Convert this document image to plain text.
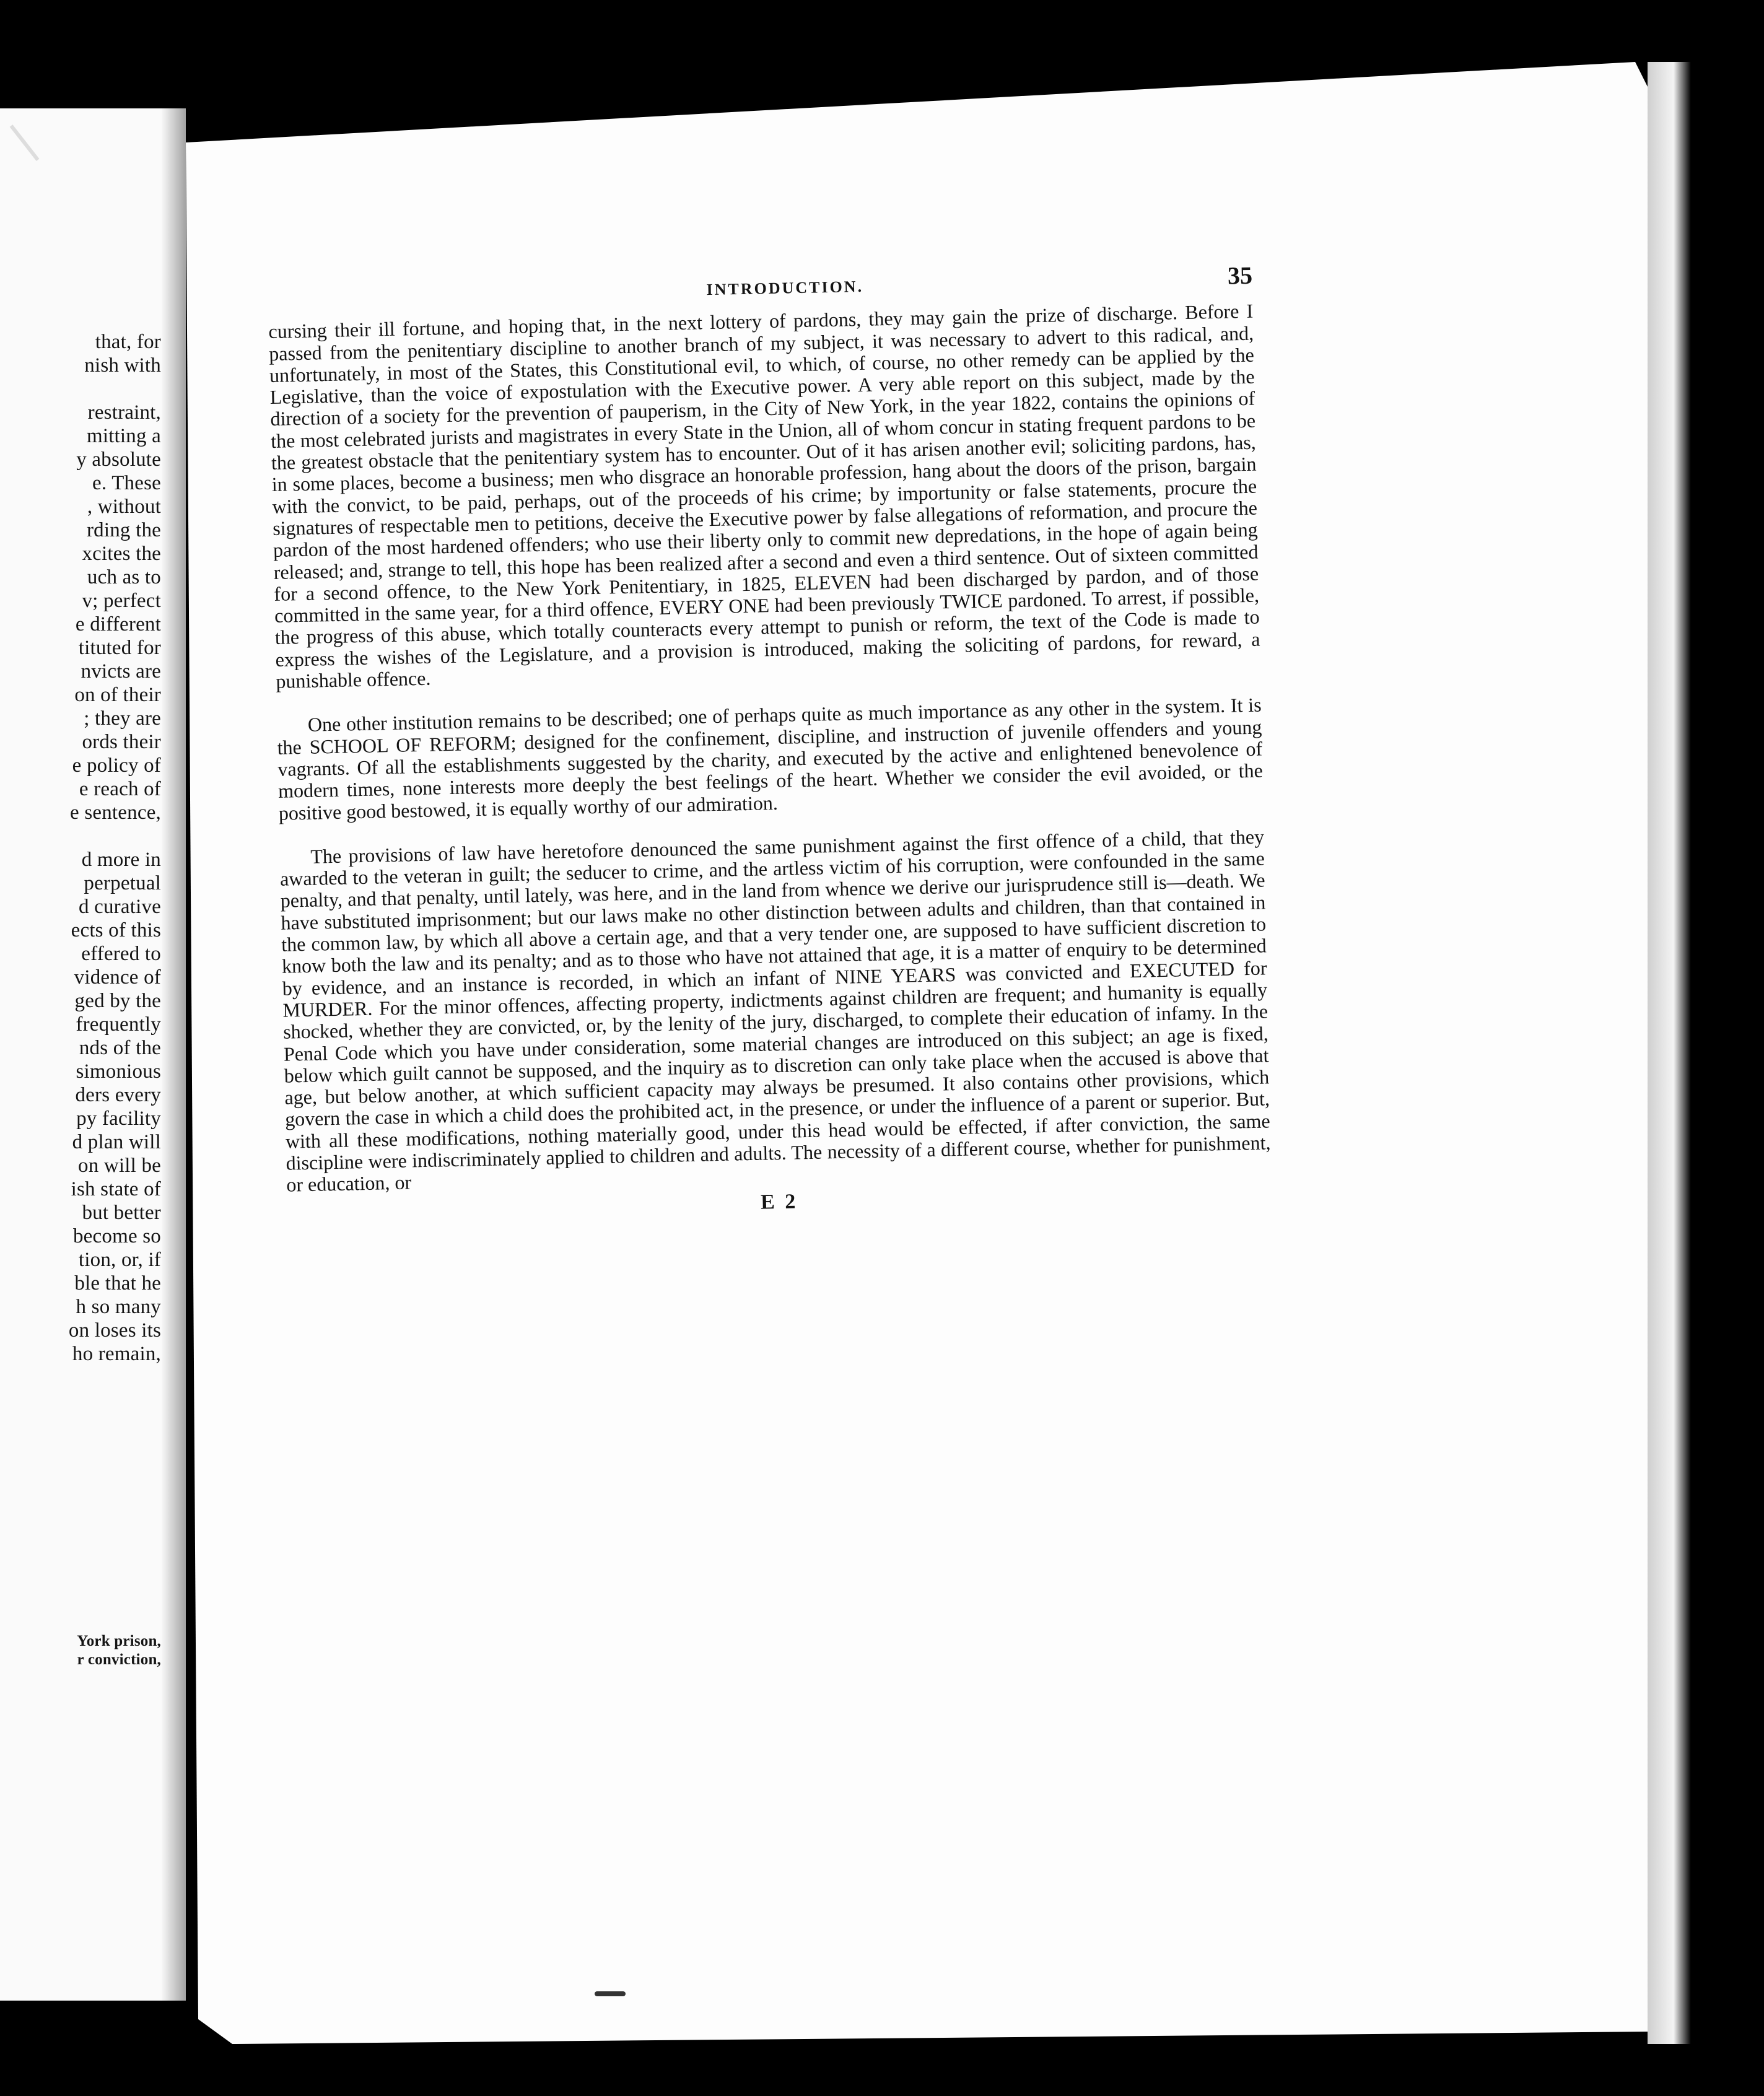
that, for
nish with
restraint,
mitting a
y absolute
e. These
, without
rding the
xcites the
uch as to
v; perfect
e different
tituted for
nvicts are
on of their
; they are
ords their
e policy of
e reach of
e sentence,
d more in
perpetual
d curative
ects of this
effered to
vidence of
ged by the
frequently
nds of the
simonious
ders every
py facility
d plan will
on will be
ish state of
but better
become so
tion, or, if
ble that he
h so many
on loses its
ho remain,
York prison,
r conviction,
INTRODUCTION.	35

cursing their ill fortune, and hoping that, in the next lottery of pardons, they may gain the prize of discharge. Before I passed from the penitentiary discipline to another branch of my subject, it was necessary to advert to this radical, and, unfortunately, in most of the States, this Constitutional evil, to which, of course, no other remedy can be applied by the Legislative, than the voice of expostulation with the Executive power. A very able report on this subject, made by the direction of a society for the prevention of pauperism, in the City of New York, in the year 1822, contains the opinions of the most celebrated jurists and magistrates in every State in the Union, all of whom concur in stating frequent pardons to be the greatest obstacle that the penitentiary system has to encounter. Out of it has arisen another evil; soliciting pardons, has, in some places, become a business; men who disgrace an honorable profession, hang about the doors of the prison, bargain with the convict, to be paid, perhaps, out of the proceeds of his crime; by importunity or false statements, procure the signatures of respectable men to petitions, deceive the Executive power by false allegations of reformation, and procure the pardon of the most hardened offenders; who use their liberty only to commit new depredations, in the hope of again being released; and, strange to tell, this hope has been realized after a second and even a third sentence. Out of sixteen committed for a second offence, to the New York Penitentiary, in 1825, ELEVEN had been discharged by pardon, and of those committed in the same year, for a third offence, EVERY ONE had been previously TWICE pardoned. To arrest, if possible, the progress of this abuse, which totally counteracts every attempt to punish or reform, the text of the Code is made to express the wishes of the Legislature, and a provision is introduced, making the soliciting of pardons, for reward, a punishable offence.

One other institution remains to be described; one of perhaps quite as much importance as any other in the system. It is the SCHOOL OF REFORM; designed for the confinement, discipline, and instruction of juvenile offenders and young vagrants. Of all the establishments suggested by the charity, and executed by the active and enlightened benevolence of modern times, none interests more deeply the best feelings of the heart. Whether we consider the evil avoided, or the positive good bestowed, it is equally worthy of our admiration.

The provisions of law have heretofore denounced the same punishment against the first offence of a child, that they awarded to the veteran in guilt; the seducer to crime, and the artless victim of his corruption, were confounded in the same penalty, and that penalty, until lately, was here, and in the land from whence we derive our jurisprudence still is—death. We have substituted imprisonment; but our laws make no other distinction between adults and children, than that contained in the common law, by which all above a certain age, and that a very tender one, are supposed to have sufficient discretion to know both the law and its penalty; and as to those who have not attained that age, it is a matter of enquiry to be determined by evidence, and an instance is recorded, in which an infant of NINE YEARS was convicted and EXECUTED for MURDER. For the minor offences, affecting property, indictments against children are frequent; and humanity is equally shocked, whether they are convicted, or, by the lenity of the jury, discharged, to complete their education of infamy. In the Penal Code which you have under consideration, some material changes are introduced on this subject; an age is fixed, below which guilt cannot be supposed, and the inquiry as to discretion can only take place when the accused is above that age, but below another, at which sufficient capacity may always be presumed. It also contains other provisions, which govern the case in which a child does the prohibited act, in the presence, or under the influence of a parent or superior. But, with all these modifications, nothing materially good, under this head would be effected, if after conviction, the same discipline were indiscriminately applied to children and adults. The necessity of a different course, whether for punishment, or education, or

E 2
